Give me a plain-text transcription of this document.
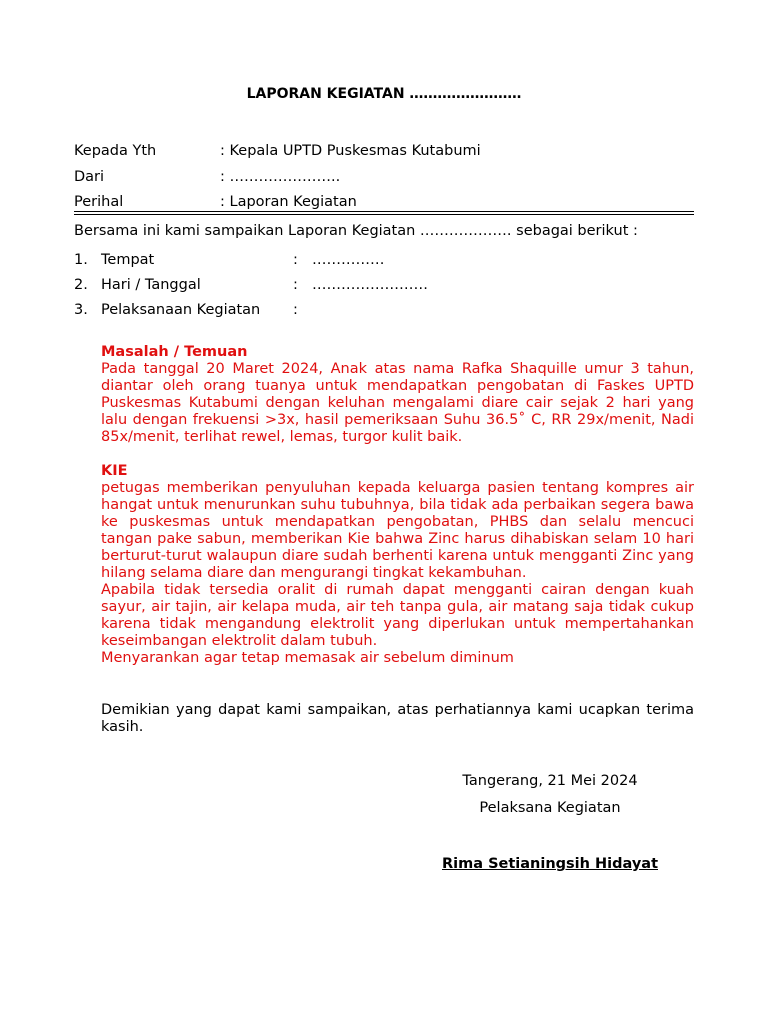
LAPORAN KEGIATAN ……………………
Kepada Yth	: Kepala UPTD Puskesmas Kutabumi
Dari	: …………………..
Perihal	: Laporan Kegiatan
Bersama ini kami sampaikan Laporan Kegiatan ………………. sebagai berikut :
1. Tempat	: ……………
2. Hari / Tanggal	: ……………………
3. Pelaksanaan Kegiatan :

Masalah / Temuan

Pada tanggal 20 Maret 2024, Anak atas nama Rafka Shaquille umur 3 tahun, diantar oleh orang tuanya untuk mendapatkan pengobatan di Faskes UPTD Puskesmas Kutabumi dengan keluhan mengalami diare cair sejak 2 hari yang lalu dengan frekuensi >3x, hasil pemeriksaan Suhu 36.5˚ C, RR 29x/menit, Nadi 85x/menit, terlihat rewel, lemas, turgor kulit baik.

KIE

petugas memberikan penyuluhan kepada keluarga pasien tentang kompres air hangat untuk menurunkan suhu tubuhnya, bila tidak ada perbaikan segera bawa ke puskesmas untuk mendapatkan pengobatan, PHBS dan selalu mencuci tangan pake sabun, memberikan Kie bahwa Zinc harus dihabiskan selam 10 hari berturut-turut walaupun diare sudah berhenti karena untuk mengganti Zinc yang hilang selama diare dan mengurangi tingkat kekambuhan.

Apabila tidak tersedia oralit di rumah dapat mengganti cairan dengan kuah sayur, air tajin, air kelapa muda, air teh tanpa gula, air matang saja tidak cukup karena tidak mengandung elektrolit yang diperlukan untuk mempertahankan keseimbangan elektrolit dalam tubuh.

Menyarankan agar tetap memasak air sebelum diminum

Demikian yang dapat kami sampaikan, atas perhatiannya kami ucapkan terima kasih.
Tangerang, 21 Mei 2024
Pelaksana Kegiatan
Rima Setianingsih Hidayat
